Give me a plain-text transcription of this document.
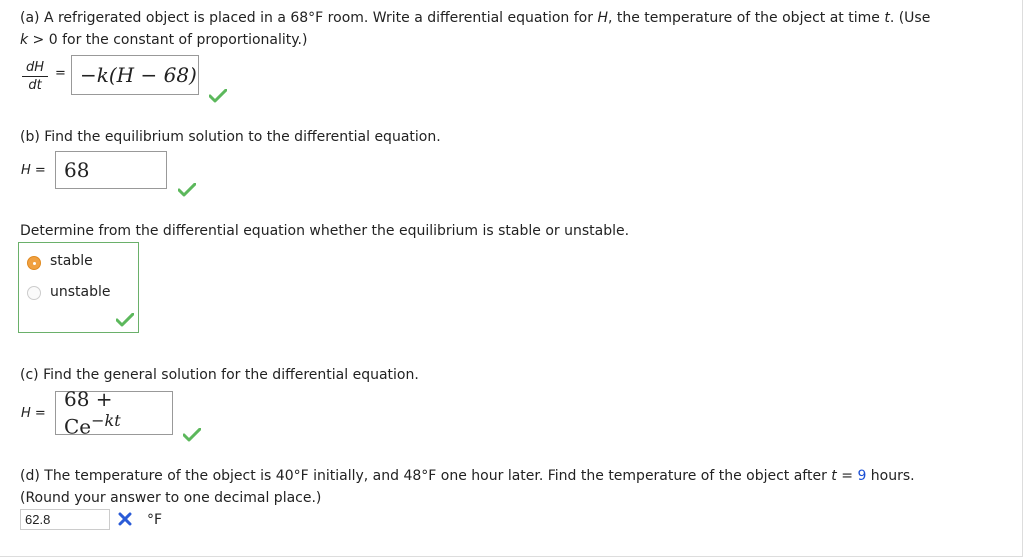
(a) A refrigerated object is placed in a 68°F room. Write a differential equation for H, the temperature of the object at time t. (Use
k > 0 for the constant of proportionality.)
$\frac{dH}{dt} = -k(H - 68)$
(b) Find the equilibrium solution to the differential equation.
H = 68
Determine from the differential equation whether the equilibrium is stable or unstable.
stable
unstable
(c) Find the general solution for the differential equation.
H =
$68 + Ce^{-kt}$
(d) The temperature of the object is 40°F initially, and 48°F one hour later. Find the temperature of the object after t = 9 hours.
(Round your answer to one decimal place.)
62.8	°F
